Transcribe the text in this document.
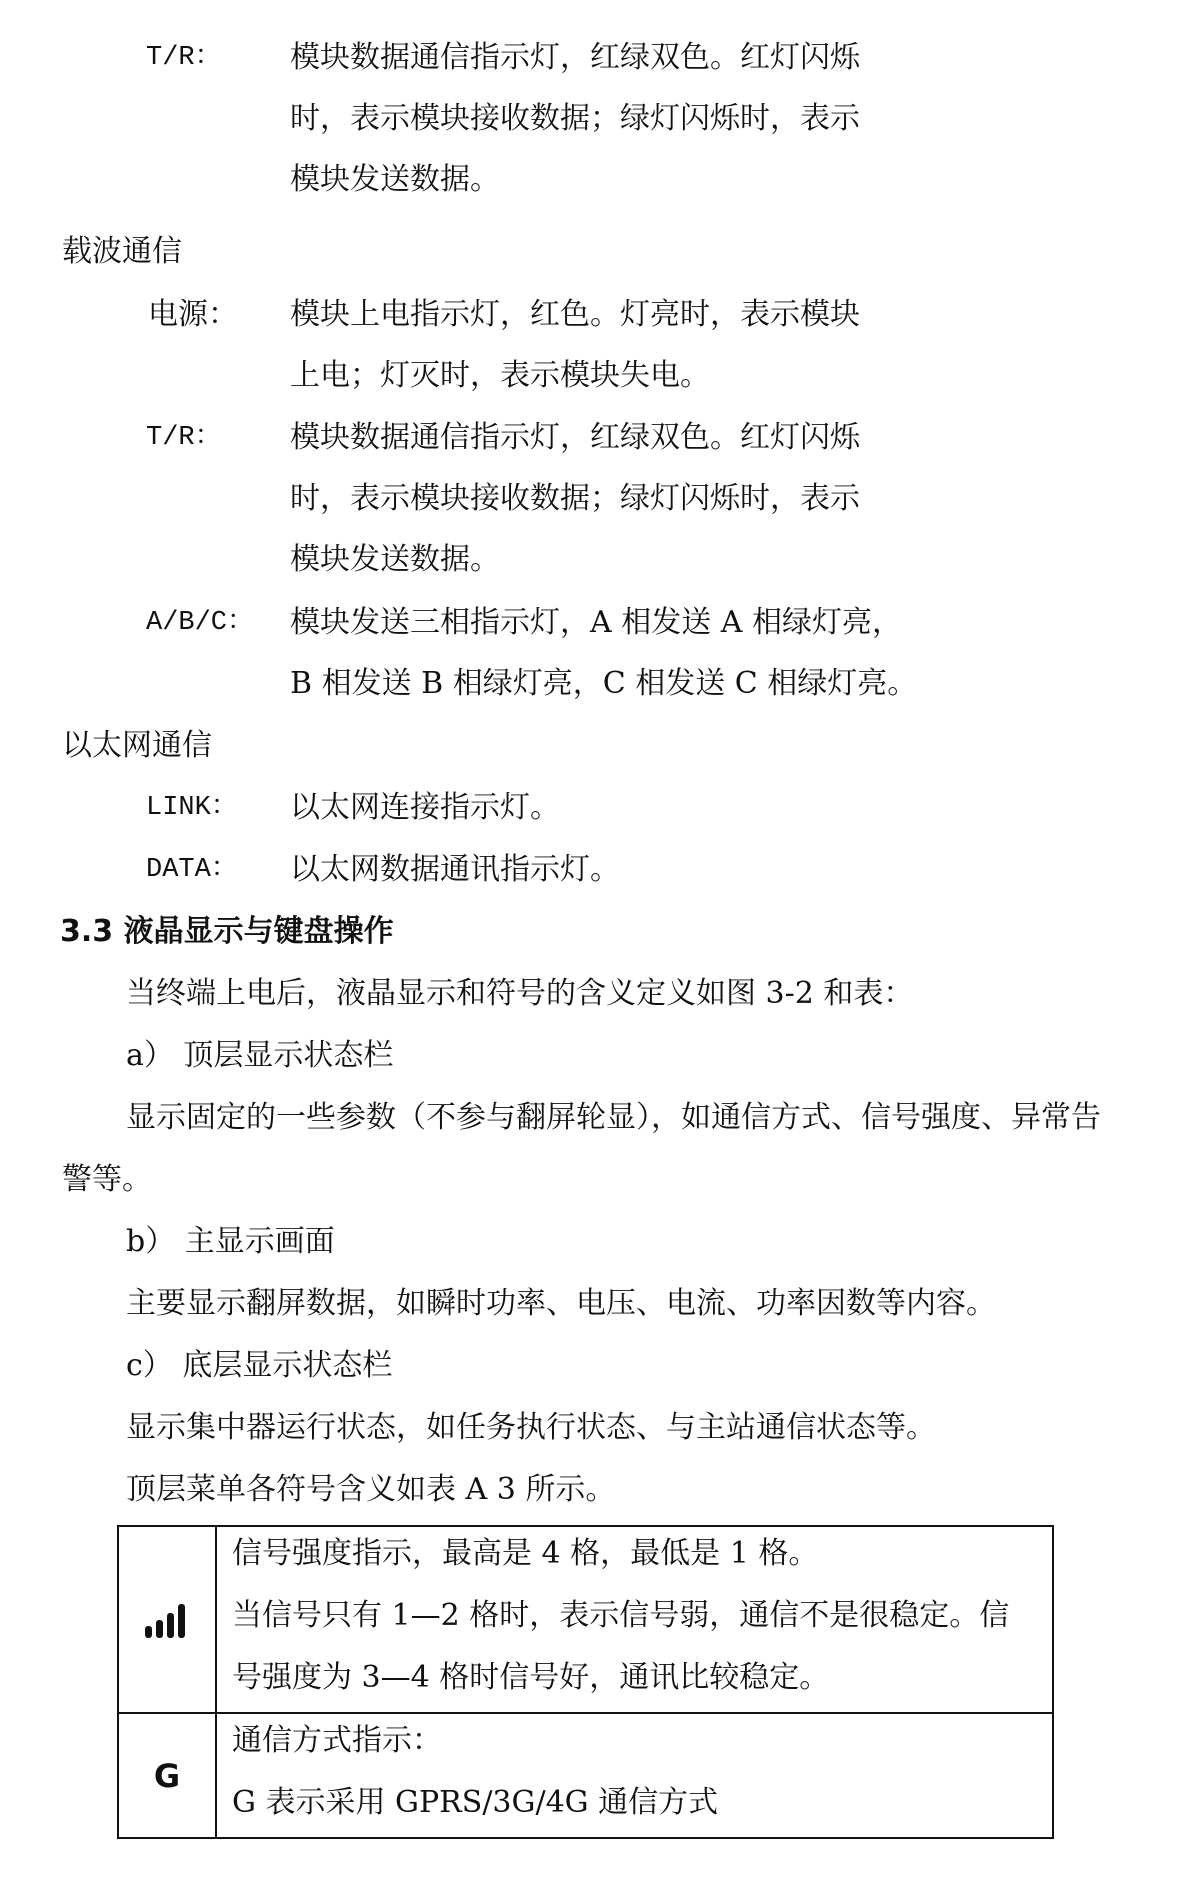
T/R： 模块数据通信指示灯，红绿双色。红灯闪烁
时，表示模块接收数据；绿灯闪烁时，表示
模块发送数据。
载波通信
电源： 模块上电指示灯，红色。灯亮时，表示模块
上电；灯灭时，表示模块失电。
T/R： 模块数据通信指示灯，红绿双色。红灯闪烁
时，表示模块接收数据；绿灯闪烁时，表示
模块发送数据。
A/B/C： 模块发送三相指示灯，A 相发送 A 相绿灯亮，
B 相发送 B 相绿灯亮，C 相发送 C 相绿灯亮。
以太网通信
LINK： 以太网连接指示灯。
DATA： 以太网数据通讯指示灯。
3.3 液晶显示与键盘操作
当终端上电后，液晶显示和符号的含义定义如图 3-2 和表：
a） 顶层显示状态栏
显示固定的一些参数（不参与翻屏轮显），如通信方式、信号强度、异常告
警等。
b） 主显示画面
主要显示翻屏数据，如瞬时功率、电压、电流、功率因数等内容。
c） 底层显示状态栏
显示集中器运行状态，如任务执行状态、与主站通信状态等。
顶层菜单各符号含义如表 A 3 所示。
信号强度指示，最高是 4 格，最低是 1 格。
当信号只有 1—2 格时，表示信号弱，通信不是很稳定。信
号强度为 3—4 格时信号好，通讯比较稳定。
G
通信方式指示：
G 表示采用 GPRS/3G/4G 通信方式
